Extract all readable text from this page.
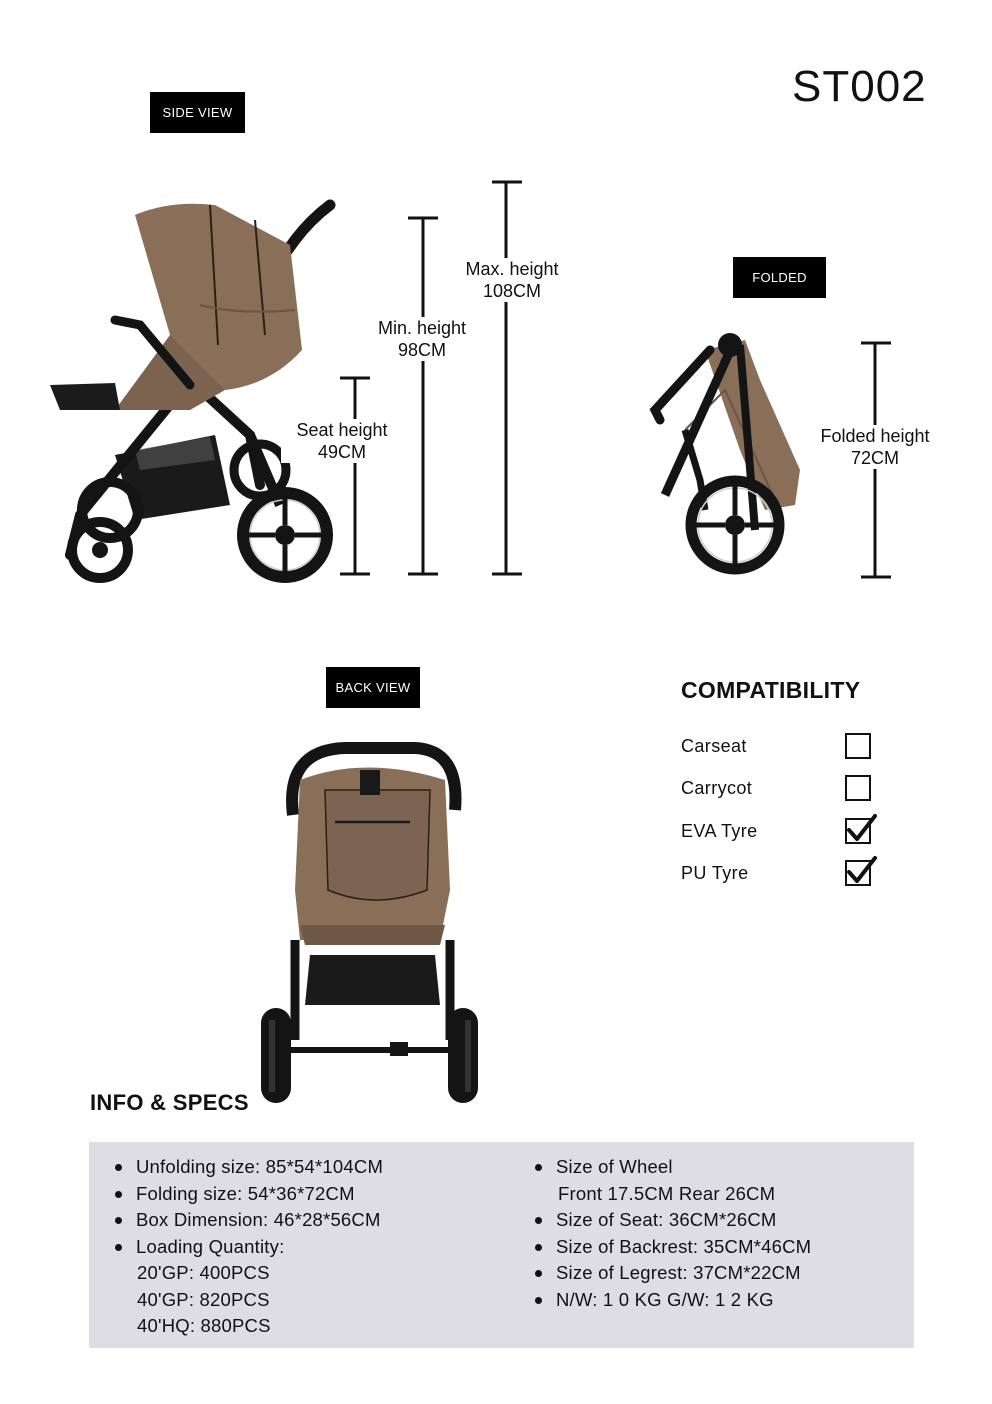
ST002
SIDE VIEW
FOLDED
BACK VIEW
Max. height
108CM
Min. height
98CM
Seat height
49CM
Folded height
72CM
COMPATIBILITY
Carseat
Carrycot
EVA Tyre
PU Tyre
INFO & SPECS
Unfolding size: 85*54*104CM
Folding size: 54*36*72CM
Box Dimension: 46*28*56CM
Loading Quantity:
20'GP: 400PCS
40'GP: 820PCS
40'HQ: 880PCS
Size of Wheel
Front 17.5CM Rear 26CM
Size of Seat: 36CM*26CM
Size of Backrest: 35CM*46CM
Size of Legrest: 37CM*22CM
N/W: 1 0 KG G/W: 1 2 KG
